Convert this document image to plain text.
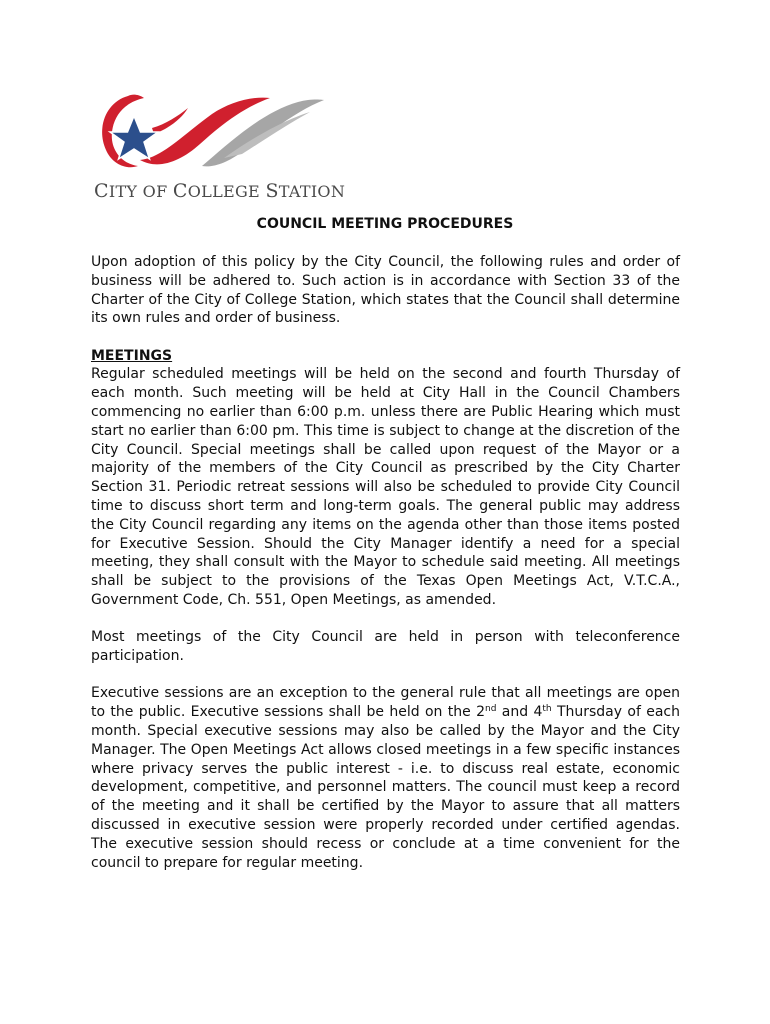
CITY OF COLLEGE STATION
COUNCIL MEETING PROCEDURES

Upon adoption of this policy by the City Council, the following rules and order of business will be adhered to. Such action is in accordance with Section 33 of the Charter of the City of College Station, which states that the Council shall determine its own rules and order of business.

MEETINGS

Regular scheduled meetings will be held on the second and fourth Thursday of each month. Such meeting will be held at City Hall in the Council Chambers commencing no earlier than 6:00 p.m. unless there are Public Hearing which must start no earlier than 6:00 pm. This time is subject to change at the discretion of the City Council. Special meetings shall be called upon request of the Mayor or a majority of the members of the City Council as prescribed by the City Charter Section 31. Periodic retreat sessions will also be scheduled to provide City Council time to discuss short term and long-term goals. The general public may address the City Council regarding any items on the agenda other than those items posted for Executive Session. Should the City Manager identify a need for a special meeting, they shall consult with the Mayor to schedule said meeting. All meetings shall be subject to the provisions of the Texas Open Meetings Act, V.T.C.A., Government Code, Ch. 551, Open Meetings, as amended.

Most meetings of the City Council are held in person with teleconference participation.

Executive sessions are an exception to the general rule that all meetings are open to the public. Executive sessions shall be held on the 2nd and 4th Thursday of each month. Special executive sessions may also be called by the Mayor and the City Manager. The Open Meetings Act allows closed meetings in a few specific instances where privacy serves the public interest - i.e. to discuss real estate, economic development, competitive, and personnel matters. The council must keep a record of the meeting and it shall be certified by the Mayor to assure that all matters discussed in executive session were properly recorded under certified agendas. The executive session should recess or conclude at a time convenient for the council to prepare for regular meeting.
